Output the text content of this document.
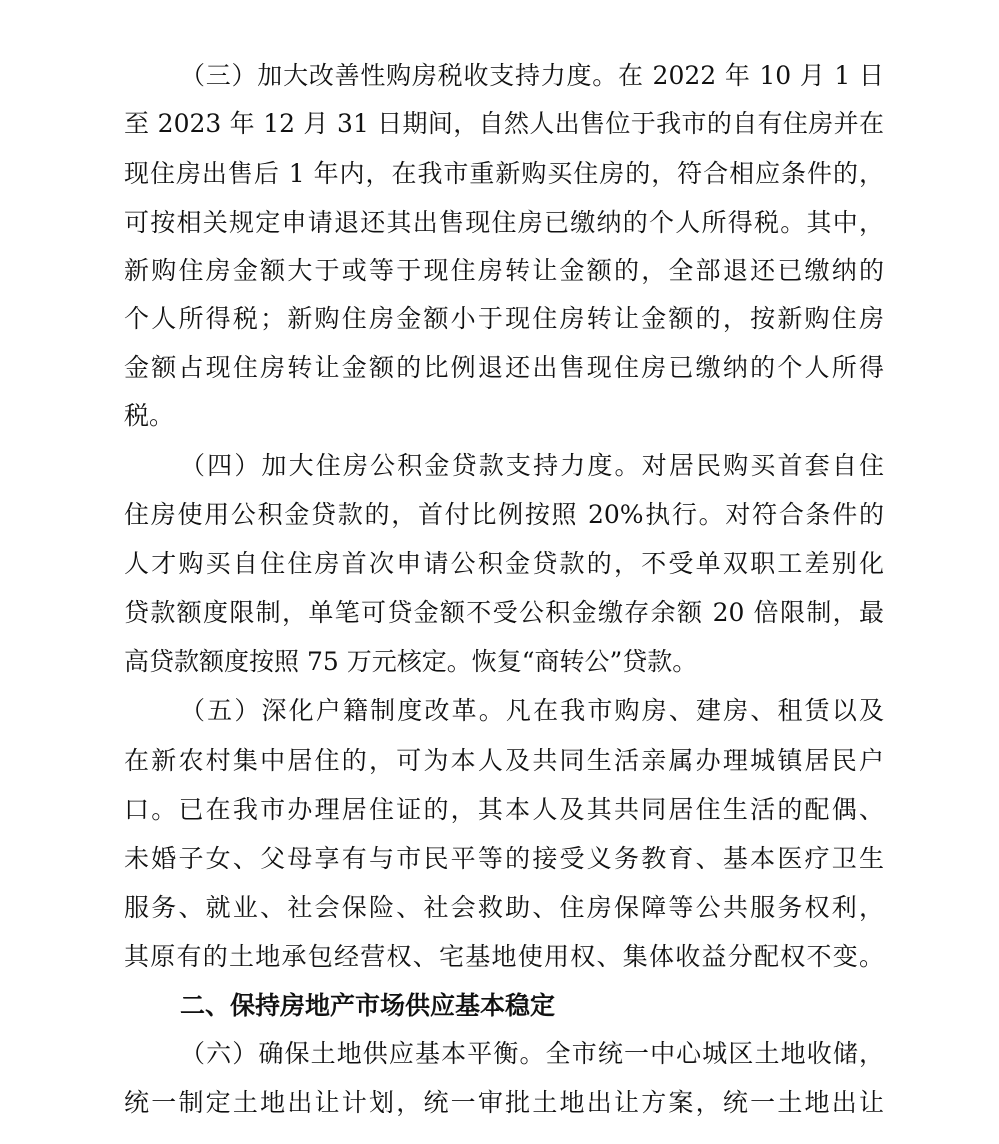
（三）加大改善性购房税收支持力度。在 2022 年 10 月 1 日
至 2023 年 12 月 31 日期间，自然人出售位于我市的自有住房并在
现住房出售后 1 年内，在我市重新购买住房的，符合相应条件的，
可按相关规定申请退还其出售现住房已缴纳的个人所得税。其中，
新购住房金额大于或等于现住房转让金额的，全部退还已缴纳的
个人所得税；新购住房金额小于现住房转让金额的，按新购住房
金额占现住房转让金额的比例退还出售现住房已缴纳的个人所得
税。
（四）加大住房公积金贷款支持力度。对居民购买首套自住
住房使用公积金贷款的，首付比例按照 20%执行。对符合条件的
人才购买自住住房首次申请公积金贷款的，不受单双职工差别化
贷款额度限制，单笔可贷金额不受公积金缴存余额 20 倍限制，最
高贷款额度按照 75 万元核定。恢复“商转公”贷款。
（五）深化户籍制度改革。凡在我市购房、建房、租赁以及
在新农村集中居住的，可为本人及共同生活亲属办理城镇居民户
口。已在我市办理居住证的，其本人及其共同居住生活的配偶、
未婚子女、父母享有与市民平等的接受义务教育、基本医疗卫生
服务、就业、社会保险、社会救助、住房保障等公共服务权利，
其原有的土地承包经营权、宅基地使用权、集体收益分配权不变。
二、保持房地产市场供应基本稳定
（六）确保土地供应基本平衡。全市统一中心城区土地收储，
统一制定土地出让计划，统一审批土地出让方案，统一土地出让
